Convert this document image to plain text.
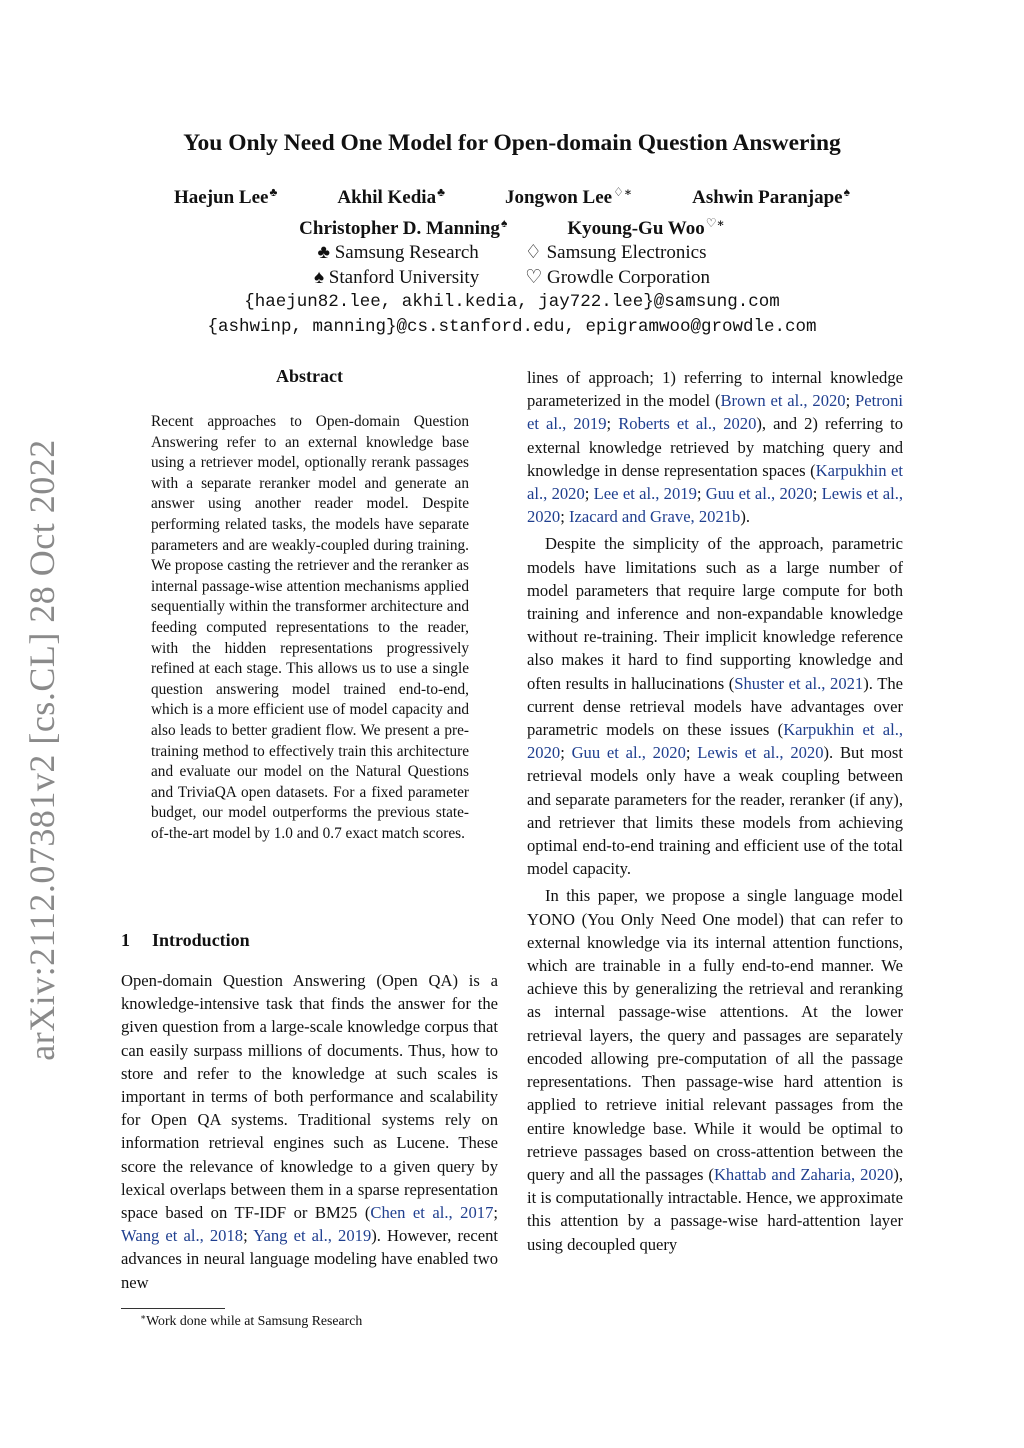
arXiv:2112.07381v2 [cs.CL] 28 Oct 2022
You Only Need One Model for Open-domain Question Answering
Haejun Lee♣	Akhil Kedia♣	Jongwon Lee♢∗	Ashwin Paranjape♠
Christopher D. Manning♠	Kyoung-Gu Woo♡∗
♣ Samsung Research ♢ Samsung Electronics
♠ Stanford University ♡ Growdle Corporation
{haejun82.lee, akhil.kedia, jay722.lee}@samsung.com
{ashwinp, manning}@cs.stanford.edu, epigramwoo@growdle.com
Abstract
Recent approaches to Open-domain Question Answering refer to an external knowledge base using a retriever model, optionally rerank passages with a separate reranker model and generate an answer using another reader model. Despite performing related tasks, the models have separate parameters and are weakly-coupled during training. We propose casting the retriever and the reranker as internal passage-wise attention mechanisms applied sequentially within the transformer architecture and feeding computed representations to the reader, with the hidden representations progressively refined at each stage. This allows us to use a single question answering model trained end-to-end, which is a more efficient use of model capacity and also leads to better gradient flow. We present a pre-training method to effectively train this architecture and evaluate our model on the Natural Questions and TriviaQA open datasets. For a fixed parameter budget, our model outperforms the previous state-of-the-art model by 1.0 and 0.7 exact match scores.
1 Introduction

Open-domain Question Answering (Open QA) is a knowledge-intensive task that finds the answer for the given question from a large-scale knowledge corpus that can easily surpass millions of documents. Thus, how to store and refer to the knowledge at such scales is important in terms of both performance and scalability for Open QA systems. Traditional systems rely on information retrieval engines such as Lucene. These score the relevance of knowledge to a given query by lexical overlaps between them in a sparse representation space based on TF-IDF or BM25 (Chen et al., 2017; Wang et al., 2018; Yang et al., 2019). However, recent advances in neural language modeling have enabled two new

lines of approach; 1) referring to internal knowledge parameterized in the model (Brown et al., 2020; Petroni et al., 2019; Roberts et al., 2020), and 2) referring to external knowledge retrieved by matching query and knowledge in dense representation spaces (Karpukhin et al., 2020; Lee et al., 2019; Guu et al., 2020; Lewis et al., 2020; Izacard and Grave, 2021b).

Despite the simplicity of the approach, parametric models have limitations such as a large number of model parameters that require large compute for both training and inference and non-expandable knowledge without re-training. Their implicit knowledge reference also makes it hard to find supporting knowledge and often results in hallucinations (Shuster et al., 2021). The current dense retrieval models have advantages over parametric models on these issues (Karpukhin et al., 2020; Guu et al., 2020; Lewis et al., 2020). But most retrieval models only have a weak coupling between and separate parameters for the reader, reranker (if any), and retriever that limits these models from achieving optimal end-to-end training and efficient use of the total model capacity.

In this paper, we propose a single language model YONO (You Only Need One model) that can refer to external knowledge via its internal attention functions, which are trainable in a fully end-to-end manner. We achieve this by generalizing the retrieval and reranking as internal passage-wise attentions. At the lower retrieval layers, the query and passages are separately encoded allowing pre-computation of all the passage representations. Then passage-wise hard attention is applied to retrieve initial relevant passages from the entire knowledge base. While it would be optimal to retrieve passages based on cross-attention between the query and all the passages (Khattab and Zaharia, 2020), it is computationally intractable. Hence, we approximate this attention by a passage-wise hard-attention layer using decoupled query

∗Work done while at Samsung Research
